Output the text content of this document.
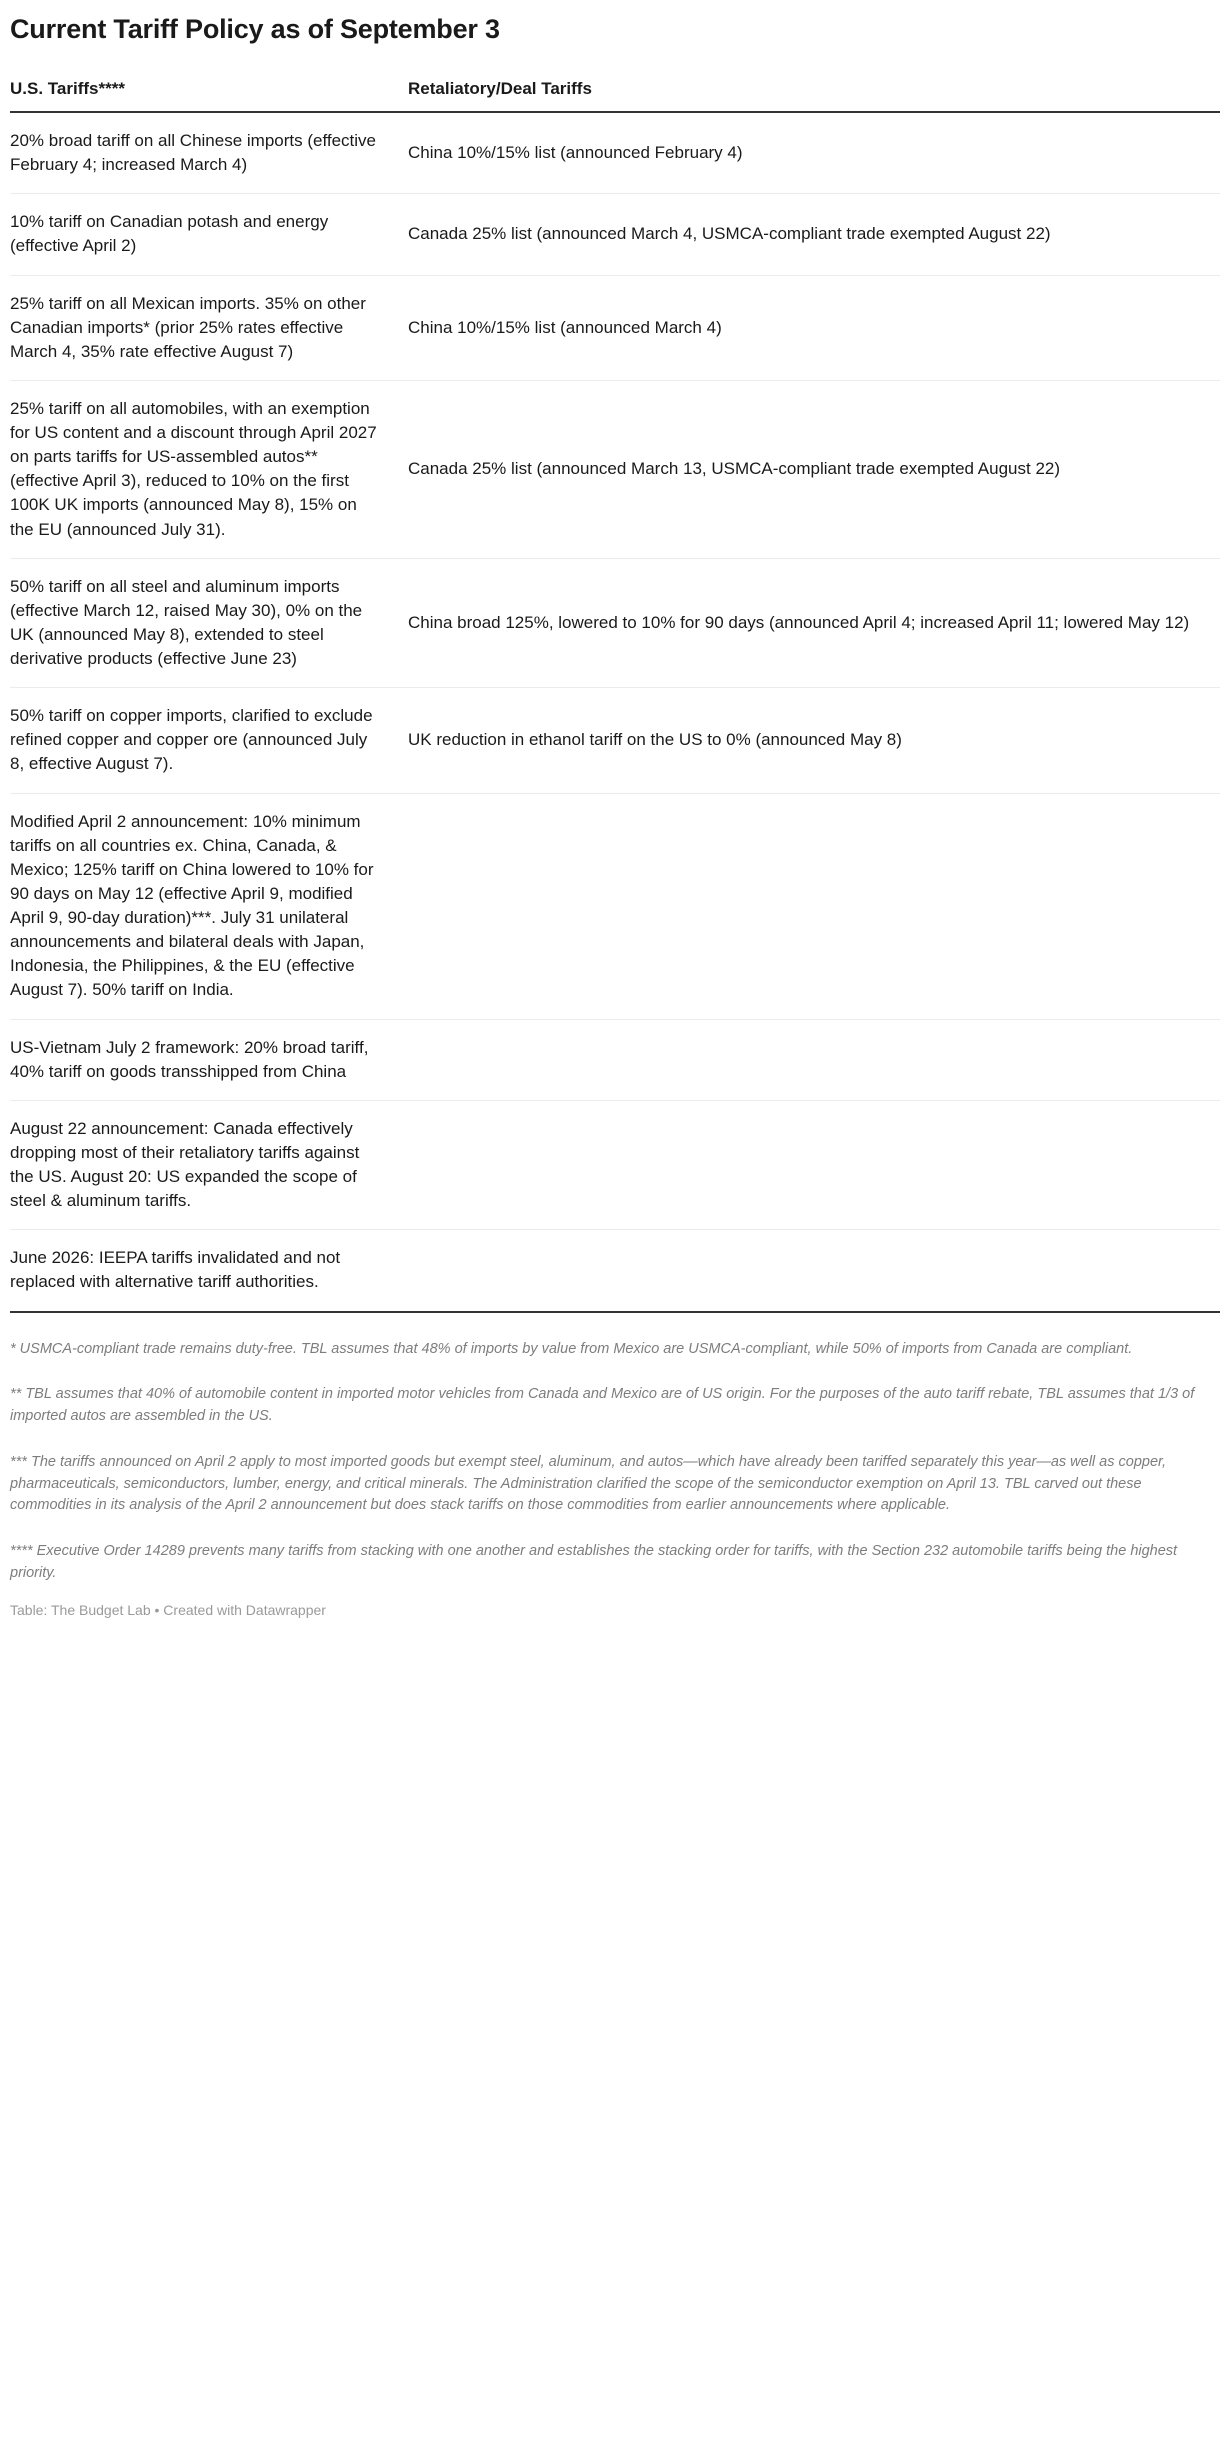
Current Tariff Policy as of September 3
U.S. Tariffs****	Retaliatory/Deal Tariffs
20% broad tariff on all Chinese imports (effective February 4; increased March 4)	China 10%/15% list (announced February 4)
10% tariff on Canadian potash and energy (effective April 2)	Canada 25% list (announced March 4, USMCA-compliant trade exempted August 22)
25% tariff on all Mexican imports. 35% on other Canadian imports* (prior 25% rates effective March 4, 35% rate effective August 7)	China 10%/15% list (announced March 4)
25% tariff on all automobiles, with an exemption for US content and a discount through April 2027 on parts tariffs for US-assembled autos** (effective April 3), reduced to 10% on the first 100K UK imports (announced May 8), 15% on the EU (announced July 31).	Canada 25% list (announced March 13, USMCA-compliant trade exempted August 22)
50% tariff on all steel and aluminum imports (effective March 12, raised May 30), 0% on the UK (announced May 8), extended to steel derivative products (effective June 23)	China broad 125%, lowered to 10% for 90 days (announced April 4; increased April 11; lowered May 12)
50% tariff on copper imports, clarified to exclude refined copper and copper ore (announced July 8, effective August 7).	UK reduction in ethanol tariff on the US to 0% (announced May 8)
Modified April 2 announcement: 10% minimum tariffs on all countries ex. China, Canada, & Mexico; 125% tariff on China lowered to 10% for 90 days on May 12 (effective April 9, modified April 9, 90-day duration)***. July 31 unilateral announcements and bilateral deals with Japan, Indonesia, the Philippines, & the EU (effective August 7). 50% tariff on India.	
US-Vietnam July 2 framework: 20% broad tariff, 40% tariff on goods transshipped from China	
August 22 announcement: Canada effectively dropping most of their retaliatory tariffs against the US. August 20: US expanded the scope of steel & aluminum tariffs.	
June 2026: IEEPA tariffs invalidated and not replaced with alternative tariff authorities.	

* USMCA-compliant trade remains duty-free. TBL assumes that 48% of imports by value from Mexico are USMCA-compliant, while 50% of imports from Canada are compliant.

** TBL assumes that 40% of automobile content in imported motor vehicles from Canada and Mexico are of US origin. For the purposes of the auto tariff rebate, TBL assumes that 1/3 of imported autos are assembled in the US.

*** The tariffs announced on April 2 apply to most imported goods but exempt steel, aluminum, and autos—which have already been tariffed separately this year—as well as copper, pharmaceuticals, semiconductors, lumber, energy, and critical minerals. The Administration clarified the scope of the semiconductor exemption on April 13. TBL carved out these commodities in its analysis of the April 2 announcement but does stack tariffs on those commodities from earlier announcements where applicable.

**** Executive Order 14289 prevents many tariffs from stacking with one another and establishes the stacking order for tariffs, with the Section 232 automobile tariffs being the highest priority.

Table: The Budget Lab • Created with Datawrapper
